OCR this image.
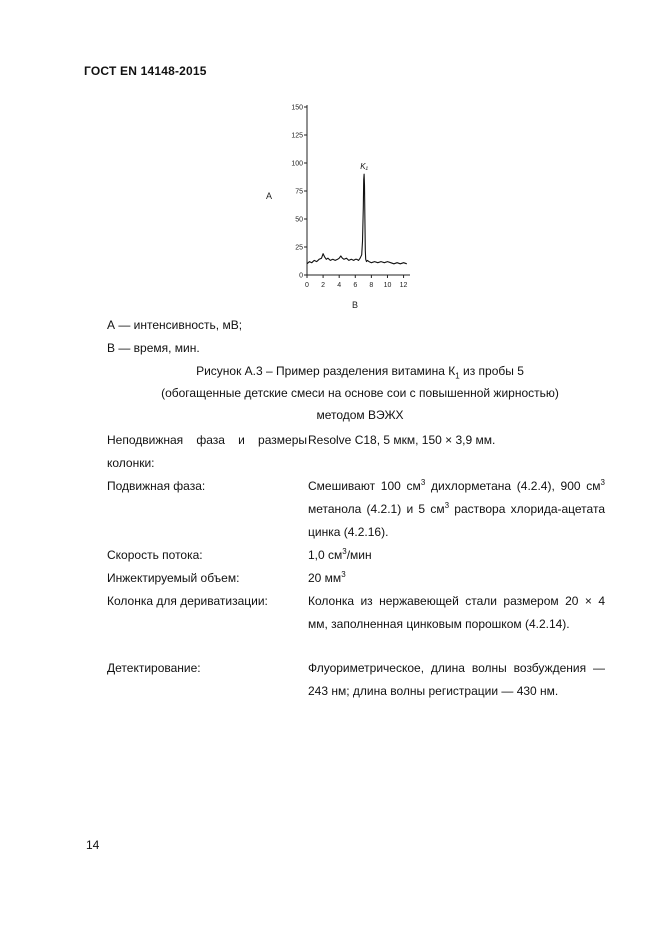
ГОСТ EN 14148-2015
0
25
50
75
100
125
150
0 2 4 6 8 10 12
A
B
K₁
А — интенсивность, мВ;
В — время, мин.
Рисунок А.3 – Пример разделения витамина $К_1$ из пробы 5
(обогащенные детские смеси на основе сои с повышенной жирностью)
методом ВЭЖХ
Неподвижная фаза и размеры
колонки:
Resolve C18, 5 мкм, 150 × 3,9 мм.
Подвижная фаза:	Смешивают 100 $см^3$ дихлорметана (4.2.4), 900 $см^3$ метанола (4.2.1) и 5 $см^3$ раствора хлорида-ацетата цинка (4.2.16).
Скорость потока:	1,0 $см^3$/мин
Инжектируемый объем:	20 $мм^3$
Колонка для дериватизации:	Колонка из нержавеющей стали размером 20 × 4 мм, заполненная цинковым порошком (4.2.14).
Детектирование:	Флуориметрическое, длина волны возбуждения — 243 нм; длина волны регистрации — 430 нм.
14
